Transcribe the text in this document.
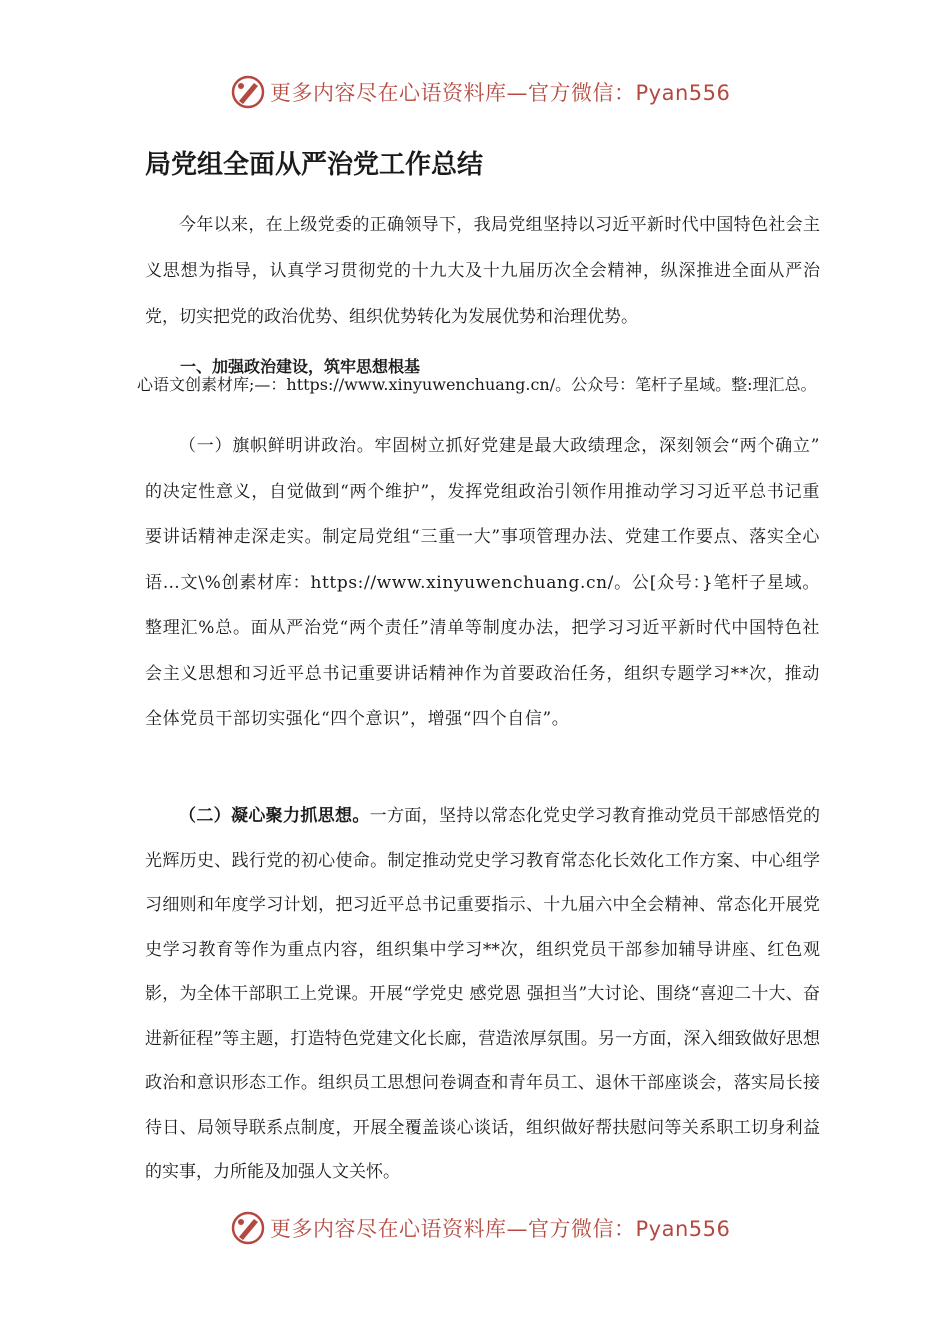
更多内容尽在心语资料库—官方微信：Pyan556
局党组全面从严治党工作总结
今年以来，在上级党委的正确领导下，我局党组坚持以习近平新时代中国特色社会主义思想为指导，认真学习贯彻党的十九大及十九届历次全会精神，纵深推进全面从严治党，切实把党的政治优势、组织优势转化为发展优势和治理优势。
一、加强政治建设，筑牢思想根基
心语文创素材库;—：https://www.xinyuwenchuang.cn/。公众号：笔杆子星域。整:理汇总。
（一）旗帜鲜明讲政治。牢固树立抓好党建是最大政绩理念，深刻领会“两个确立” 的决定性意义，自觉做到“两个维护”，发挥党组政治引领作用推动学习习近平总书记重要讲话精神走深走实。制定局党组“三重一大”事项管理办法、党建工作要点、落实全心语…文\%创素材库：https://www.xinyuwenchuang.cn/。公[众号：}笔杆子星域。整理汇%总。面从严治党“两个责任”清单等制度办法，把学习习近平新时代中国特色社会主义思想和习近平总书记重要讲话精神作为首要政治任务，组织专题学习**次，推动全体党员干部切实强化“四个意识”，增强“四个自信”。
（二）凝心聚力抓思想。一方面，坚持以常态化党史学习教育推动党员干部感悟党的光辉历史、践行党的初心使命。制定推动党史学习教育常态化长效化工作方案、中心组学习细则和年度学习计划，把习近平总书记重要指示、十九届六中全会精神、常态化开展党史学习教育等作为重点内容，组织集中学习**次，组织党员干部参加辅导讲座、红色观影，为全体干部职工上党课。开展“学党史 感党恩 强担当”大讨论、围绕“喜迎二十大、奋进新征程”等主题，打造特色党建文化长廊，营造浓厚氛围。另一方面，深入细致做好思想政治和意识形态工作。组织员工思想问卷调查和青年员工、退休干部座谈会，落实局长接待日、局领导联系点制度，开展全覆盖谈心谈话，组织做好帮扶慰问等关系职工切身利益的实事，力所能及加强人文关怀。
更多内容尽在心语资料库—官方微信：Pyan556
